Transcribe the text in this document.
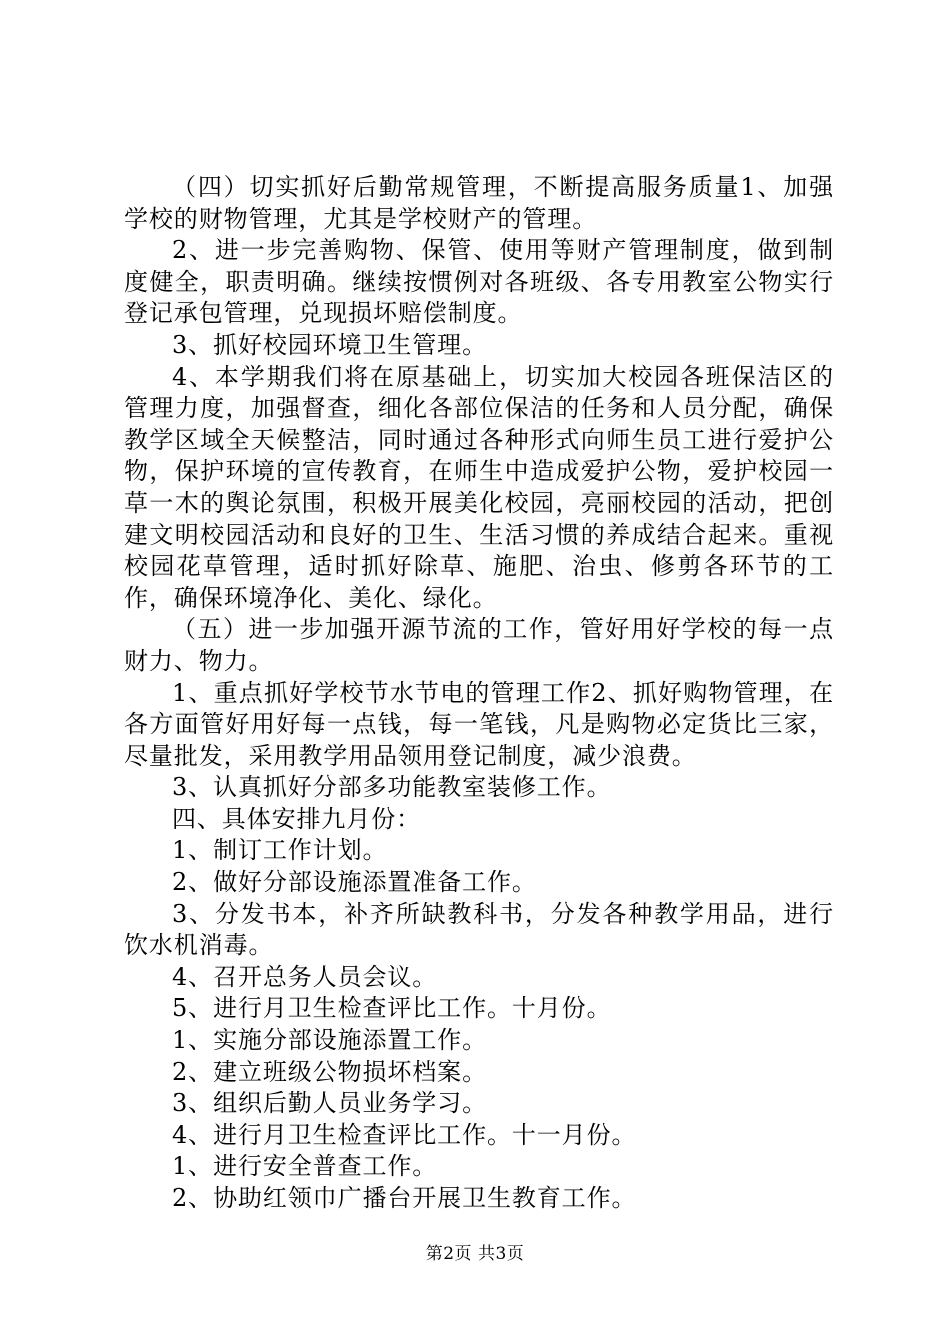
（四）切实抓好后勤常规管理，不断提高服务质量1、加强学校的财物管理，尤其是学校财产的管理。

2、进一步完善购物、保管、使用等财产管理制度，做到制度健全，职责明确。继续按惯例对各班级、各专用教室公物实行登记承包管理，兑现损坏赔偿制度。

3、抓好校园环境卫生管理。

4、本学期我们将在原基础上，切实加大校园各班保洁区的管理力度，加强督查，细化各部位保洁的任务和人员分配，确保教学区域全天候整洁，同时通过各种形式向师生员工进行爱护公物，保护环境的宣传教育，在师生中造成爱护公物，爱护校园一草一木的舆论氛围，积极开展美化校园，亮丽校园的活动，把创建文明校园活动和良好的卫生、生活习惯的养成结合起来。重视校园花草管理，适时抓好除草、施肥、治虫、修剪各环节的工作，确保环境净化、美化、绿化。

（五）进一步加强开源节流的工作，管好用好学校的每一点财力、物力。

1、重点抓好学校节水节电的管理工作2、抓好购物管理，在各方面管好用好每一点钱，每一笔钱，凡是购物必定货比三家，尽量批发，采用教学用品领用登记制度，减少浪费。

3、认真抓好分部多功能教室装修工作。

四、具体安排九月份：

1、制订工作计划。

2、做好分部设施添置准备工作。

3、分发书本，补齐所缺教科书，分发各种教学用品，进行饮水机消毒。

4、召开总务人员会议。

5、进行月卫生检查评比工作。十月份。

1、实施分部设施添置工作。

2、建立班级公物损坏档案。

3、组织后勤人员业务学习。

4、进行月卫生检查评比工作。十一月份。

1、进行安全普查工作。

2、协助红领巾广播台开展卫生教育工作。

第2页 共3页
